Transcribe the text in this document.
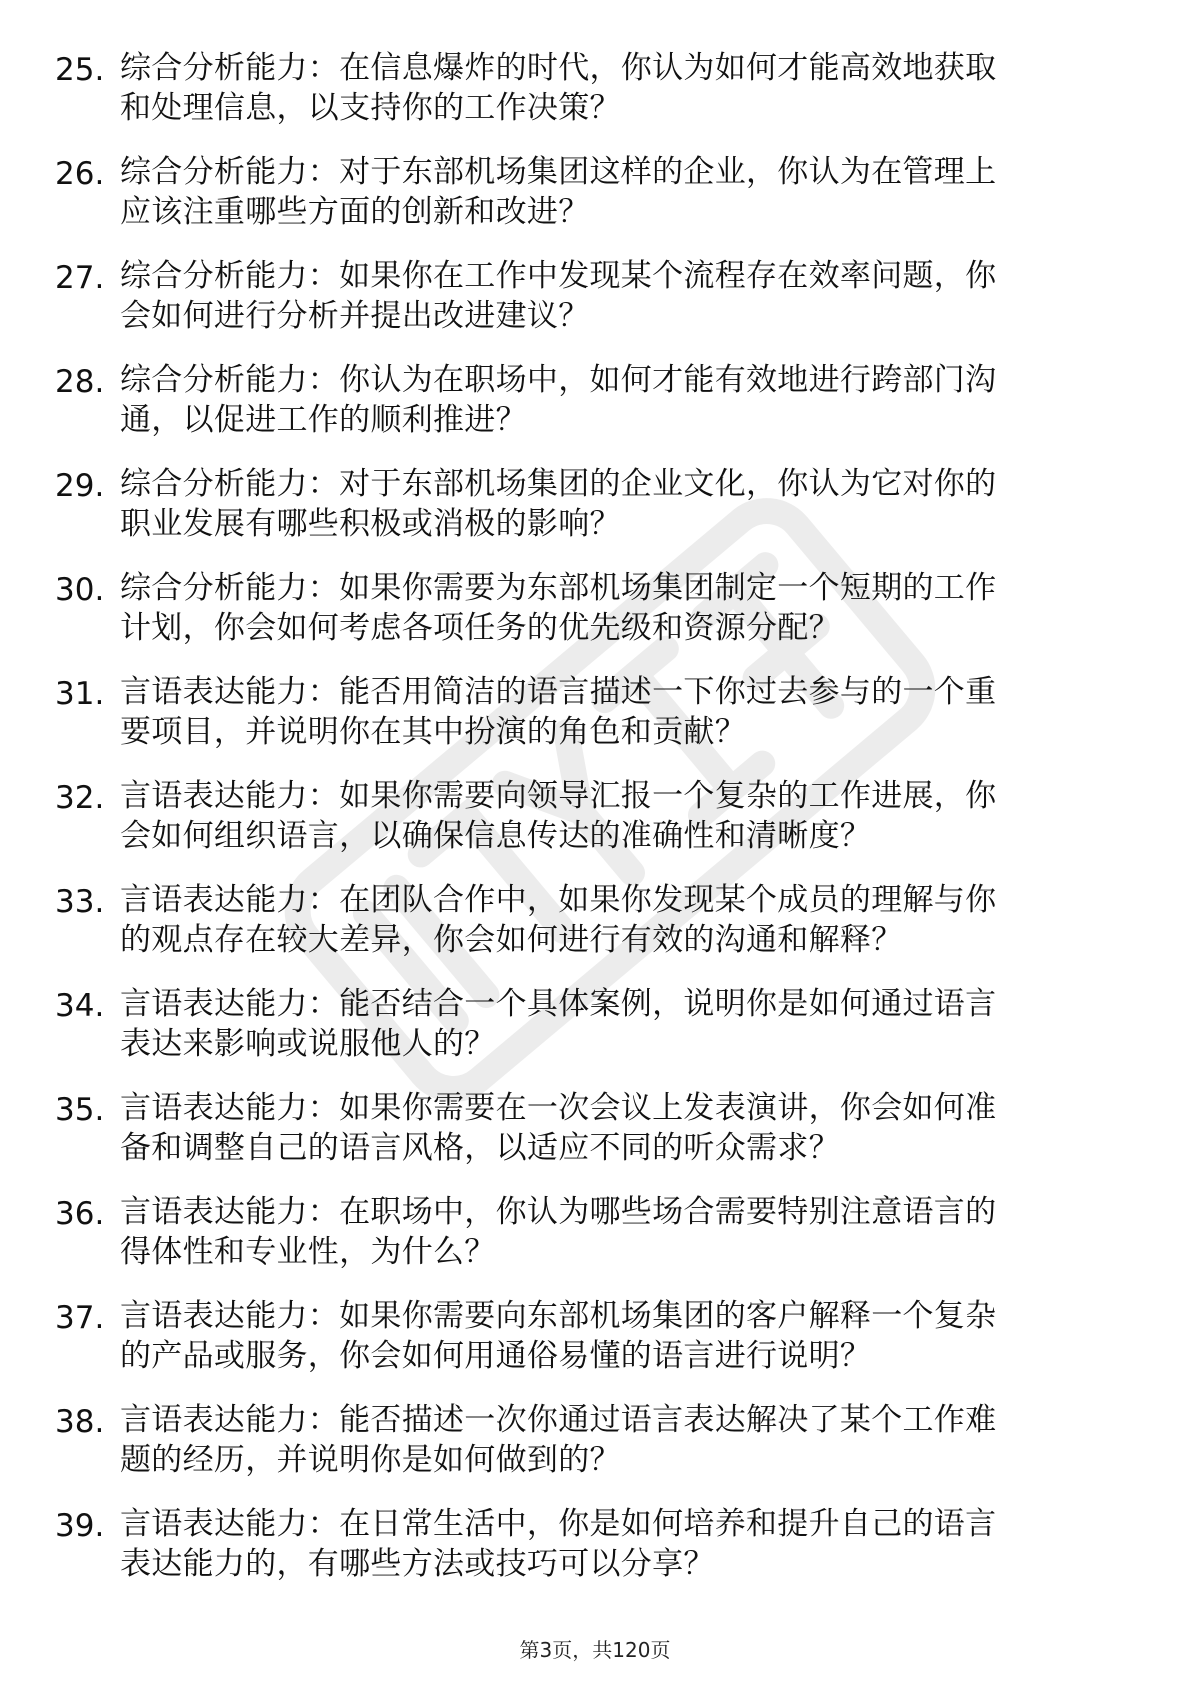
25. 综合分析能力：在信息爆炸的时代，你认为如何才能高效地获取和处理信息，以支持你的工作决策？
26. 综合分析能力：对于东部机场集团这样的企业，你认为在管理上应该注重哪些方面的创新和改进？
27. 综合分析能力：如果你在工作中发现某个流程存在效率问题，你会如何进行分析并提出改进建议？
28. 综合分析能力：你认为在职场中，如何才能有效地进行跨部门沟通，以促进工作的顺利推进？
29. 综合分析能力：对于东部机场集团的企业文化，你认为它对你的职业发展有哪些积极或消极的影响？
30. 综合分析能力：如果你需要为东部机场集团制定一个短期的工作计划，你会如何考虑各项任务的优先级和资源分配？
31. 言语表达能力：能否用简洁的语言描述一下你过去参与的一个重要项目，并说明你在其中扮演的角色和贡献？
32. 言语表达能力：如果你需要向领导汇报一个复杂的工作进展，你会如何组织语言，以确保信息传达的准确性和清晰度？
33. 言语表达能力：在团队合作中，如果你发现某个成员的理解与你的观点存在较大差异，你会如何进行有效的沟通和解释？
34. 言语表达能力：能否结合一个具体案例，说明你是如何通过语言表达来影响或说服他人的？
35. 言语表达能力：如果你需要在一次会议上发表演讲，你会如何准备和调整自己的语言风格，以适应不同的听众需求？
36. 言语表达能力：在职场中，你认为哪些场合需要特别注意语言的得体性和专业性，为什么？
37. 言语表达能力：如果你需要向东部机场集团的客户解释一个复杂的产品或服务，你会如何用通俗易懂的语言进行说明？
38. 言语表达能力：能否描述一次你通过语言表达解决了某个工作难题的经历，并说明你是如何做到的？
39. 言语表达能力：在日常生活中，你是如何培养和提升自己的语言表达能力的，有哪些方法或技巧可以分享？
第3页，共120页
